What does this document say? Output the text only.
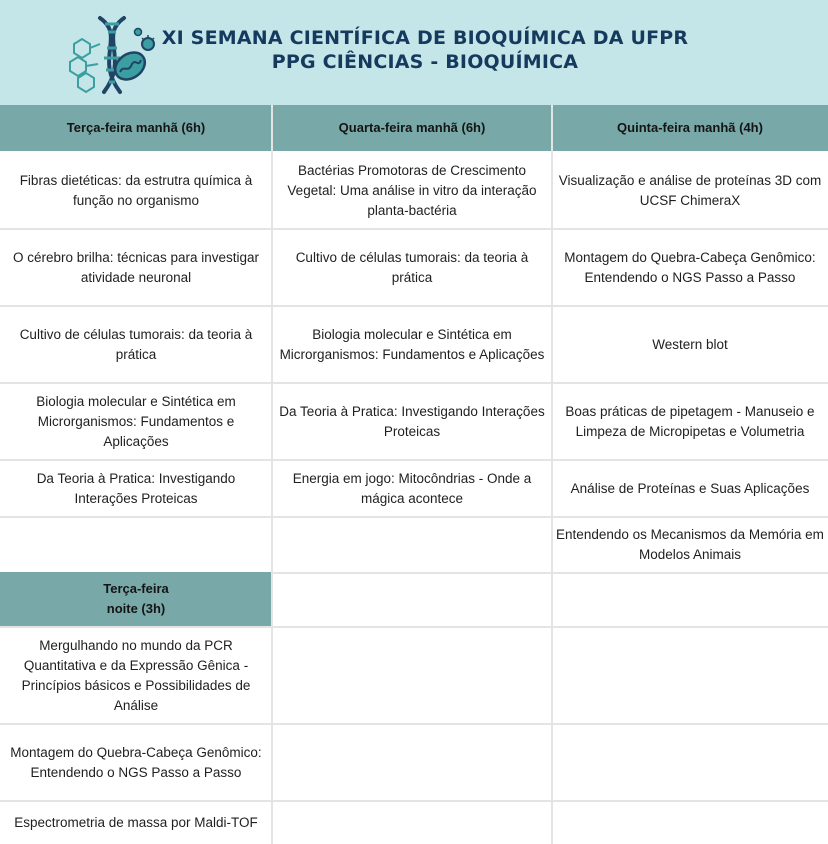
XI SEMANA CIENTÍFICA DE BIOQUÍMICA DA UFPR
PPG CIÊNCIAS - BIOQUÍMICA
Terça-feira manhã (6h)	Quarta-feira manhã (6h)	Quinta-feira manhã (4h)
Fibras dietéticas: da estrutra química à função no organismo
O cérebro brilha: técnicas para investigar atividade neuronal
Cultivo de células tumorais: da teoria à prática
Biologia molecular e Sintética em Microrganismos: Fundamentos e Aplicações
Da Teoria à Pratica: Investigando Interações Proteicas
Terça-feira
noite (3h)
Mergulhando no mundo da PCR Quantitativa e da Expressão Gênica - Princípios básicos e Possibilidades de Análise
Montagem do Quebra-Cabeça Genômico: Entendendo o NGS Passo a Passo
Espectrometria de massa por Maldi-TOF
Bactérias Promotoras de Crescimento Vegetal: Uma análise in vitro da interação planta-bactéria
Cultivo de células tumorais: da teoria à prática
Biologia molecular e Sintética em Microrganismos: Fundamentos e Aplicações
Da Teoria à Pratica: Investigando Interações Proteicas
Energia em jogo: Mitocôndrias - Onde a mágica acontece
Visualização e análise de proteínas 3D com UCSF ChimeraX
Montagem do Quebra-Cabeça Genômico: Entendendo o NGS Passo a Passo
Western blot
Boas práticas de pipetagem - Manuseio e Limpeza de Micropipetas e Volumetria
Análise de Proteínas e Suas Aplicações
Entendendo os Mecanismos da Memória em Modelos Animais
